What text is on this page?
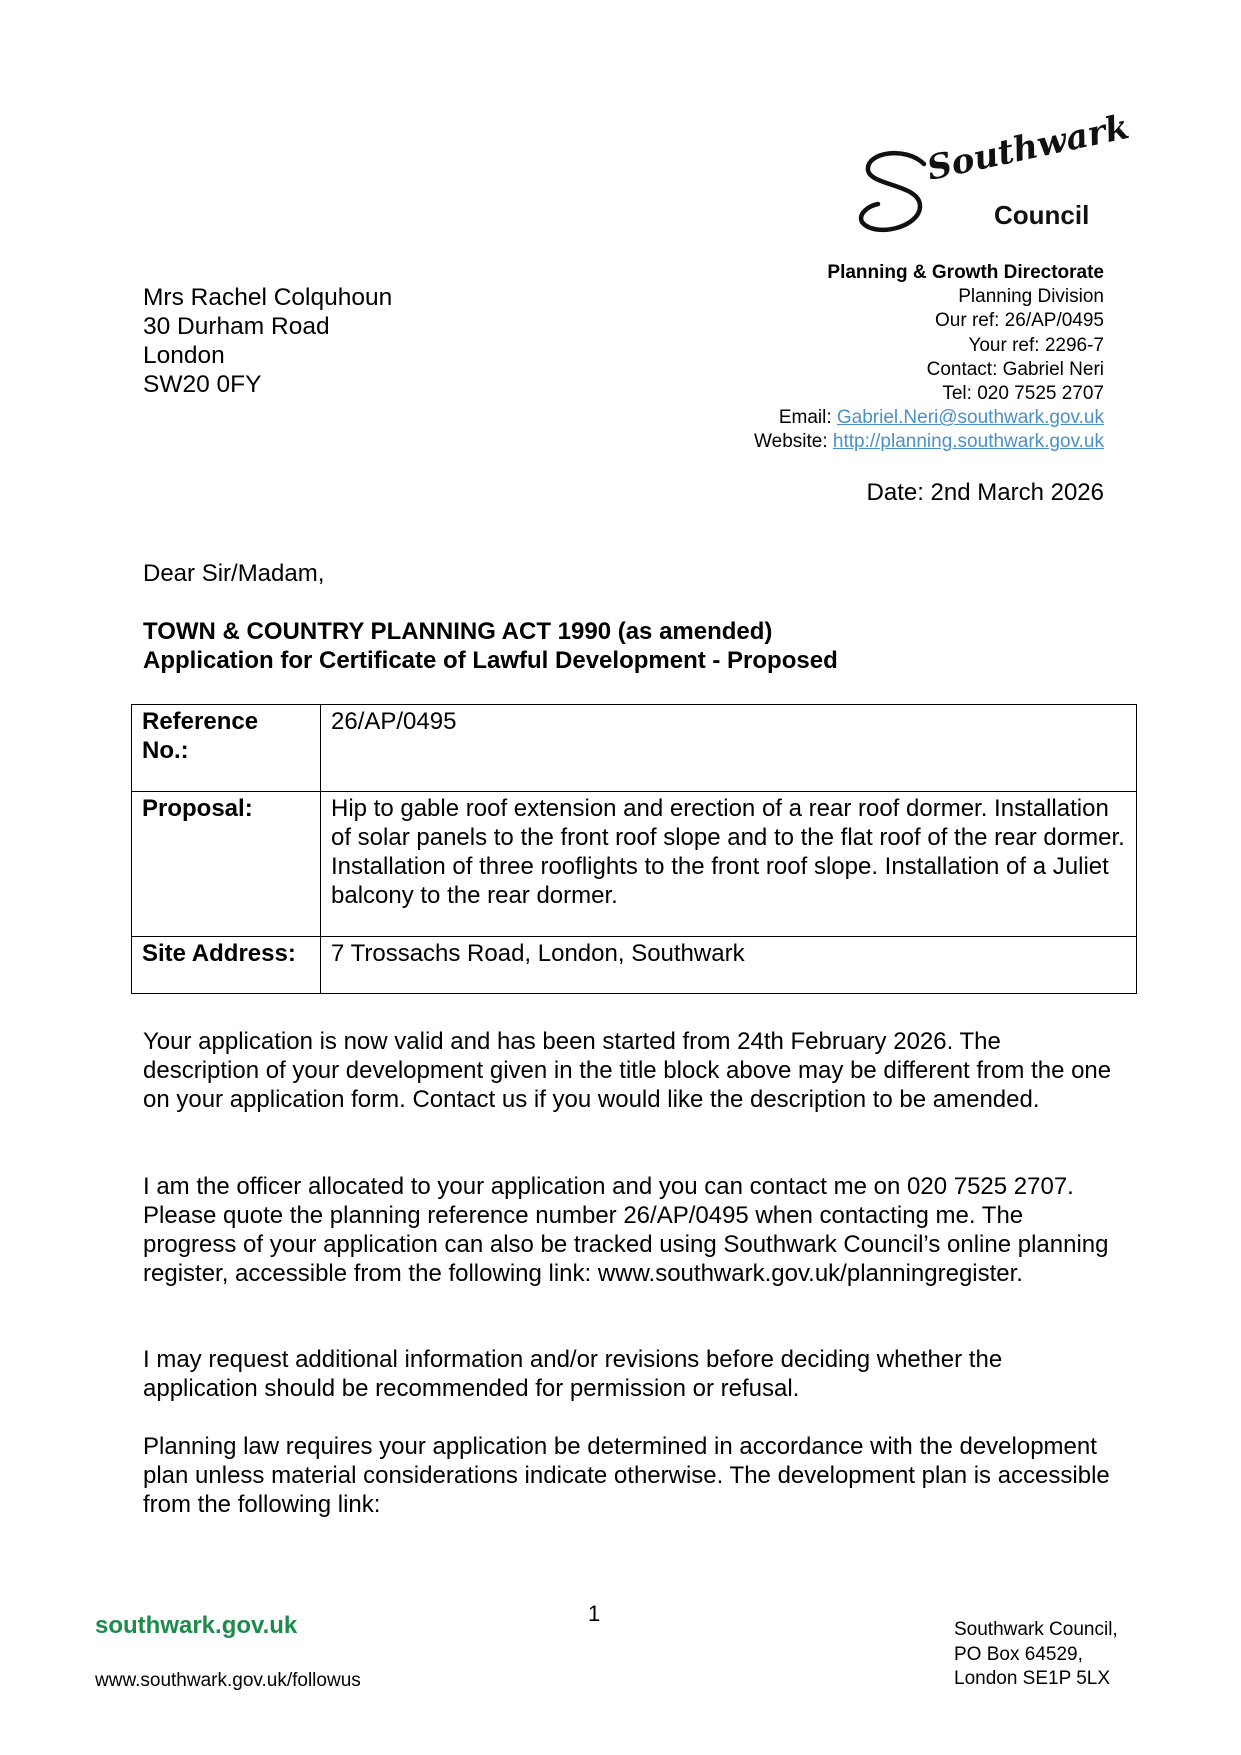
Southwark
Council
Mrs Rachel Colquhoun
30 Durham Road
London
SW20 0FY
Planning & Growth Directorate
Planning Division
Our ref: 26/AP/0495
Your ref: 2296-7
Contact: Gabriel Neri
Tel: 020 7525 2707
Email: Gabriel.Neri@southwark.gov.uk
Website: http://planning.southwark.gov.uk
Date: 2nd March 2026
Dear Sir/Madam,
TOWN & COUNTRY PLANNING ACT 1990 (as amended)
Application for Certificate of Lawful Development - Proposed
Reference No.:	26/AP/0495
Proposal:	Hip to gable roof extension and erection of a rear roof dormer. Installation of solar panels to the front roof slope and to the flat roof of the rear dormer. Installation of three rooflights to the front roof slope. Installation of a Juliet balcony to the rear dormer.
Site Address:	7 Trossachs Road, London, Southwark
Your application is now valid and has been started from 24th February 2026. The description of your development given in the title block above may be different from the one on your application form. Contact us if you would like the description to be amended.
I am the officer allocated to your application and you can contact me on 020 7525 2707. Please quote the planning reference number 26/AP/0495 when contacting me. The progress of your application can also be tracked using Southwark Council’s online planning register, accessible from the following link: www.southwark.gov.uk/planningregister.
I may request additional information and/or revisions before deciding whether the application should be recommended for permission or refusal.
Planning law requires your application be determined in accordance with the development plan unless material considerations indicate otherwise. The development plan is accessible from the following link:
1
southwark.gov.uk
www.southwark.gov.uk/followus
Southwark Council,
PO Box 64529,
London SE1P 5LX
